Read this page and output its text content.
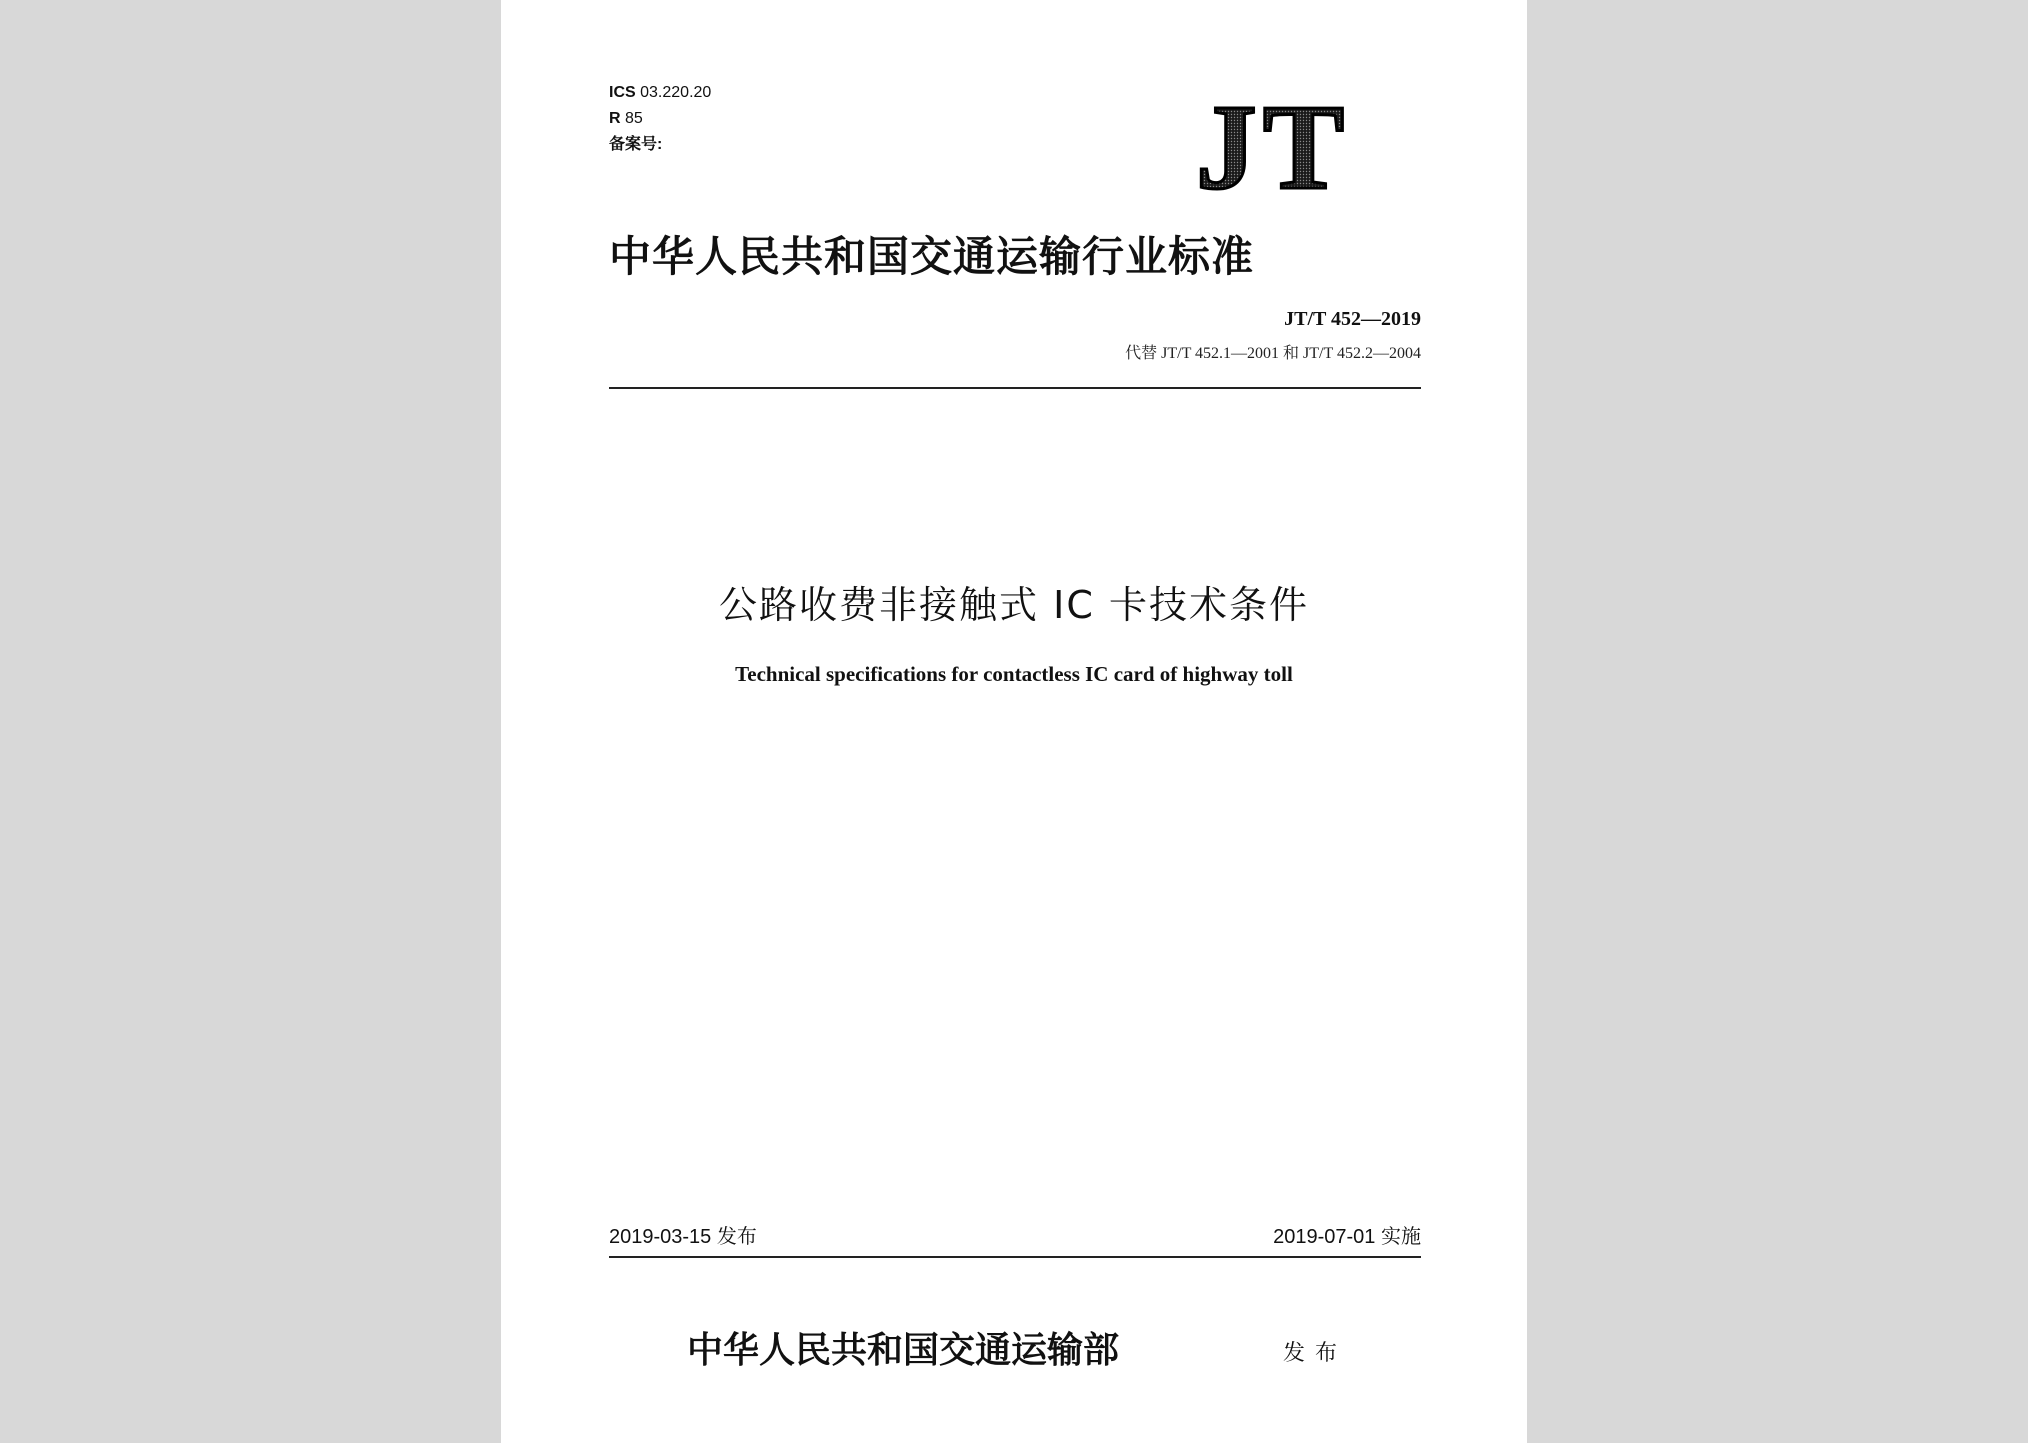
ICS 03.220.20
R 85
备案号:	JT
中华人民共和国交通运输行业标准
JT/T 452—2019
代替 JT/T 452.1—2001 和 JT/T 452.2—2004
公路收费非接触式 IC 卡技术条件
Technical specifications for contactless IC card of highway toll
2019-03-15 发布	2019-07-01 实施
中华人民共和国交通运输部	发布
